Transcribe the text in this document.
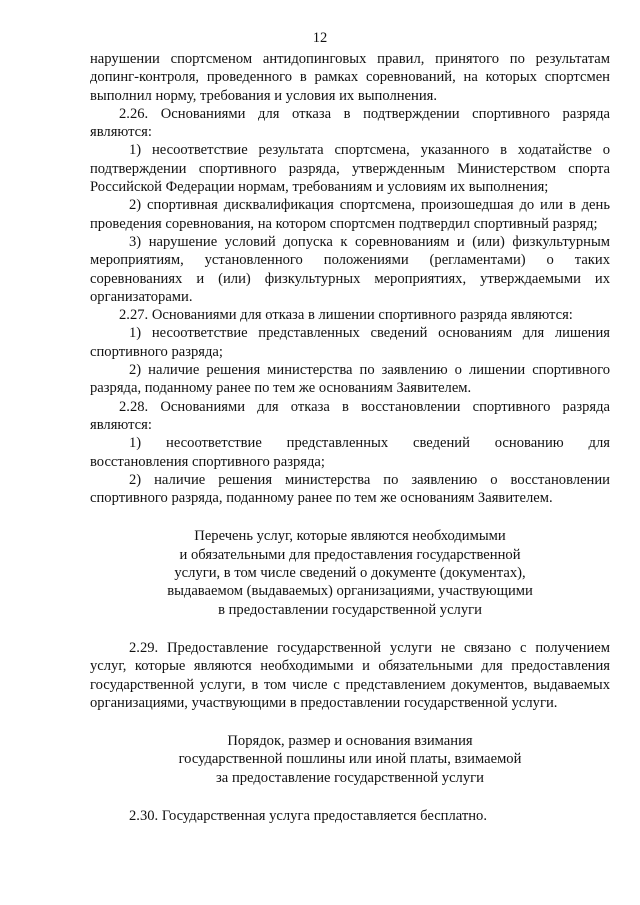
12

нарушении спортсменом антидопинговых правил, принятого по результатам допинг-контроля, проведенного в рамках соревнований, на которых спортсмен выполнил норму, требования и условия их выполнения.

2.26. Основаниями для отказа в подтверждении спортивного разряда являются:

1) несоответствие результата спортсмена, указанного в ходатайстве о подтверждении спортивного разряда, утвержденным Министерством спорта Российской Федерации нормам, требованиям и условиям их выполнения;

2) спортивная дисквалификация спортсмена, произошедшая до или в день проведения соревнования, на котором спортсмен подтвердил спортивный разряд;

3) нарушение условий допуска к соревнованиям и (или) физкультурным мероприятиям, установленного положениями (регламентами) о таких соревнованиях и (или) физкультурных мероприятиях, утверждаемыми их организаторами.

2.27. Основаниями для отказа в лишении спортивного разряда являются:

1) несоответствие представленных сведений основаниям для лишения спортивного разряда;

2) наличие решения министерства по заявлению о лишении спортивного разряда, поданному ранее по тем же основаниям Заявителем.

2.28. Основаниями для отказа в восстановлении спортивного разряда являются:

1) несоответствие представленных сведений основанию для

восстановления спортивного разряда;

2) наличие решения министерства по заявлению о восстановлении спортивного разряда, поданному ранее по тем же основаниям Заявителем.

Перечень услуг, которые являются необходимыми
и обязательными для предоставления государственной
услуги, в том числе сведений о документе (документах),
выдаваемом (выдаваемых) организациями, участвующими
в предоставлении государственной услуги

2.29. Предоставление государственной услуги не связано с получением услуг, которые являются необходимыми и обязательными для предоставления государственной услуги, в том числе с представлением документов, выдаваемых организациями, участвующими в предоставлении государственной услуги.

Порядок, размер и основания взимания
государственной пошлины или иной платы, взимаемой
за предоставление государственной услуги

2.30. Государственная услуга предоставляется бесплатно.
